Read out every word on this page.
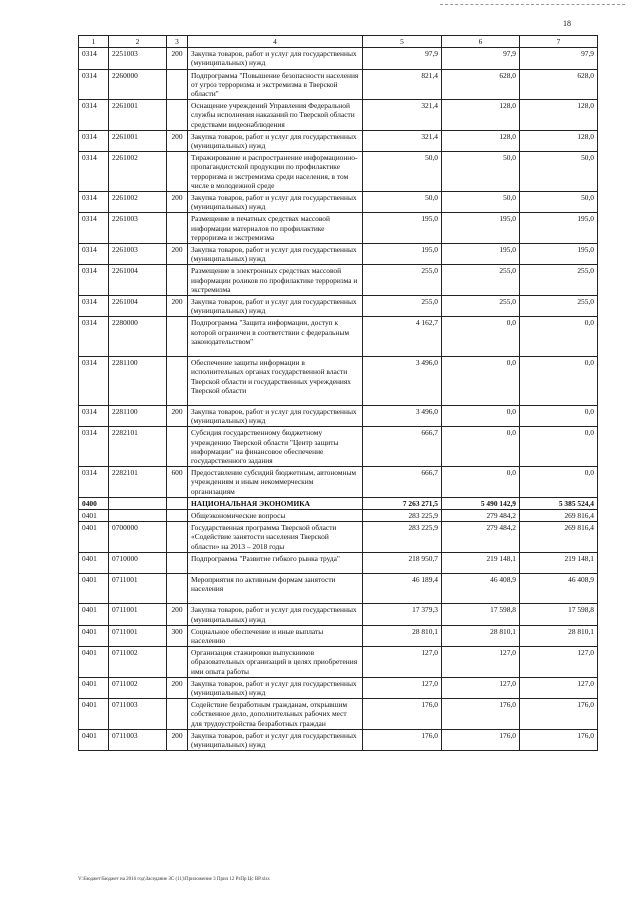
18
1	2	3	4	5	6	7
0314	2251003	200	Закупка товаров, работ и услуг для государственных (муниципальных) нужд	97,9	97,9	97,9
0314	2260000		Подпрограмма "Повышение безопасности населения от угроз терроризма и экстремизма в Тверской области"	821,4	628,0	628,0
0314	2261001		Оснащение учреждений Управления Федеральной службы исполнения наказаний по Тверской области средствами видеонаблюдения	321,4	128,0	128,0
0314	2261001	200	Закупка товаров, работ и услуг для государственных (муниципальных) нужд	321,4	128,0	128,0
0314	2261002		Тиражирование и распространение информационно-пропагандистской продукции по профилактике терроризма и экстремизма среди населения, в том числе в молодежной среде	50,0	50,0	50,0
0314	2261002	200	Закупка товаров, работ и услуг для государственных (муниципальных) нужд	50,0	50,0	50,0
0314	2261003		Размещение в печатных средствах массовой информации материалов по профилактике терроризма и экстремизма	195,0	195,0	195,0
0314	2261003	200	Закупка товаров, работ и услуг для государственных (муниципальных) нужд	195,0	195,0	195,0
0314	2261004		Размещение в электронных средствах массовой информации роликов по профилактике терроризма и экстремизма	255,0	255,0	255,0
0314	2261004	200	Закупка товаров, работ и услуг для государственных (муниципальных) нужд	255,0	255,0	255,0
0314	2280000		Подпрограмма "Защита информации, доступ к которой ограничен в соответствии с федеральным законодательством"	4 162,7	0,0	0,0
0314	2281100		Обеспечение защиты информации в исполнительных органах государственной власти Тверской области и государственных учреждениях Тверской области	3 496,0	0,0	0,0
0314	2281100	200	Закупка товаров, работ и услуг для государственных (муниципальных) нужд	3 496,0	0,0	0,0
0314	2282101		Субсидия государственному бюджетному учреждению Тверской области "Центр защиты информации" на финансовое обеспечение государственного задания	666,7	0,0	0,0
0314	2282101	600	Предоставление субсидий бюджетным, автономным учреждениям и иным некоммерческим организациям	666,7	0,0	0,0
0400			НАЦИОНАЛЬНАЯ ЭКОНОМИКА	7 263 271,5	5 490 142,9	5 385 524,4
0401			Общеэкономические вопросы	283 225,9	279 484,2	269 816,4
0401	0700000		Государственная программа Тверской области «Содействие занятости населения Тверской области» на 2013 – 2018 годы	283 225,9	279 484,2	269 816,4
0401	0710000		Подпрограмма "Развитие гибкого рынка труда"	218 950,7	219 148,1	219 148,1
0401	0711001		Мероприятия по активным формам занятости населения	46 189,4	46 408,9	46 408,9
0401	0711001	200	Закупка товаров, работ и услуг для государственных (муниципальных) нужд	17 379,3	17 598,8	17 598,8
0401	0711001	300	Социальное обеспечение и иные выплаты населению	28 810,1	28 810,1	28 810,1
0401	0711002		Организация стажировки выпускников образовательных организаций в целях приобретения ими опыта работы	127,0	127,0	127,0
0401	0711002	200	Закупка товаров, работ и услуг для государственных (муниципальных) нужд	127,0	127,0	127,0
0401	0711003		Содействие безработным гражданам, открывшим собственное дело, дополнительных рабочих мест для трудоустройства безработных граждан	176,0	176,0	176,0
0401	0711003	200	Закупка товаров, работ и услуг для государственных (муниципальных) нужд	176,0	176,0	176,0
V:\Бюджет\Бюджет на 2016 год\Заседание ЗС (11)\Приложение 3 Прил 12 РзПр Цс ВР.xlsx
